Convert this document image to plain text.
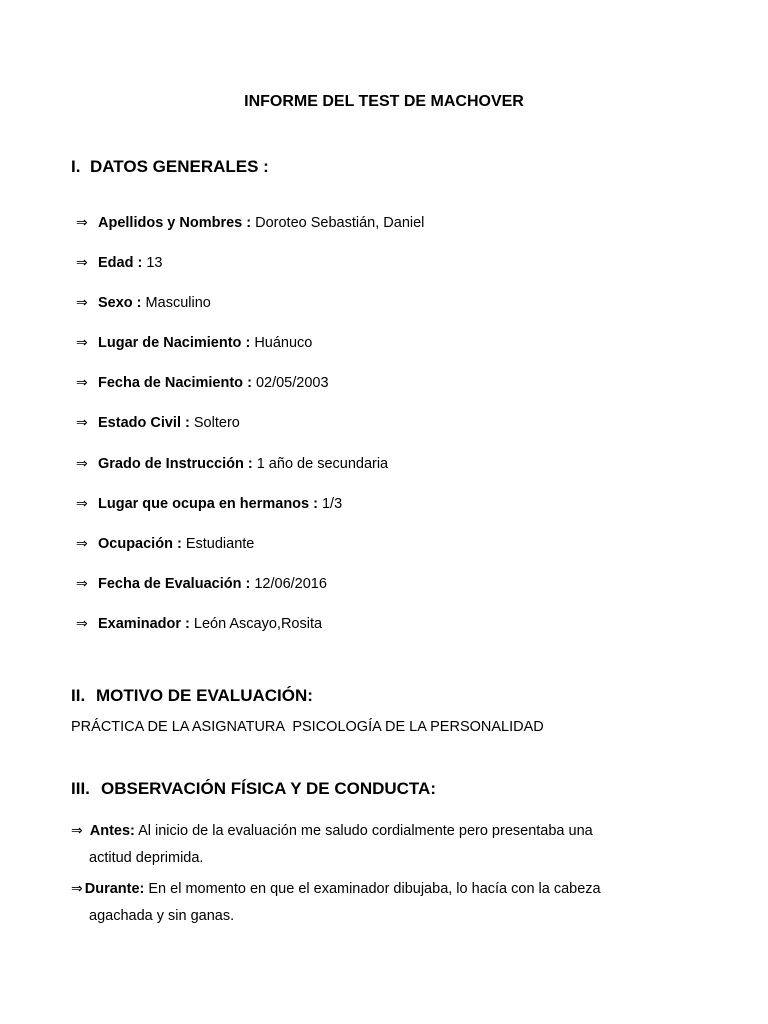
INFORME DEL TEST DE MACHOVER
I. DATOS GENERALES :
⇒ Apellidos y Nombres : Doroteo Sebastián, Daniel
⇒ Edad : 13
⇒ Sexo : Masculino
⇒ Lugar de Nacimiento : Huánuco
⇒ Fecha de Nacimiento : 02/05/2003
⇒ Estado Civil : Soltero
⇒ Grado de Instrucción : 1 año de secundaria
⇒ Lugar que ocupa en hermanos : 1/3
⇒ Ocupación : Estudiante
⇒ Fecha de Evaluación : 12/06/2016
⇒ Examinador : León Ascayo,Rosita
II. MOTIVO DE EVALUACIÓN:

PRÁCTICA DE LA ASIGNATURA  PSICOLOGÍA DE LA PERSONALIDAD

III. OBSERVACIÓN FÍSICA Y DE CONDUCTA:

⇒ Antes: Al inicio de la evaluación me saludo cordialmente pero presentaba una
actitud deprimida.

⇒ Durante: En el momento en que el examinador dibujaba, lo hacía con la cabeza
agachada y sin ganas.
